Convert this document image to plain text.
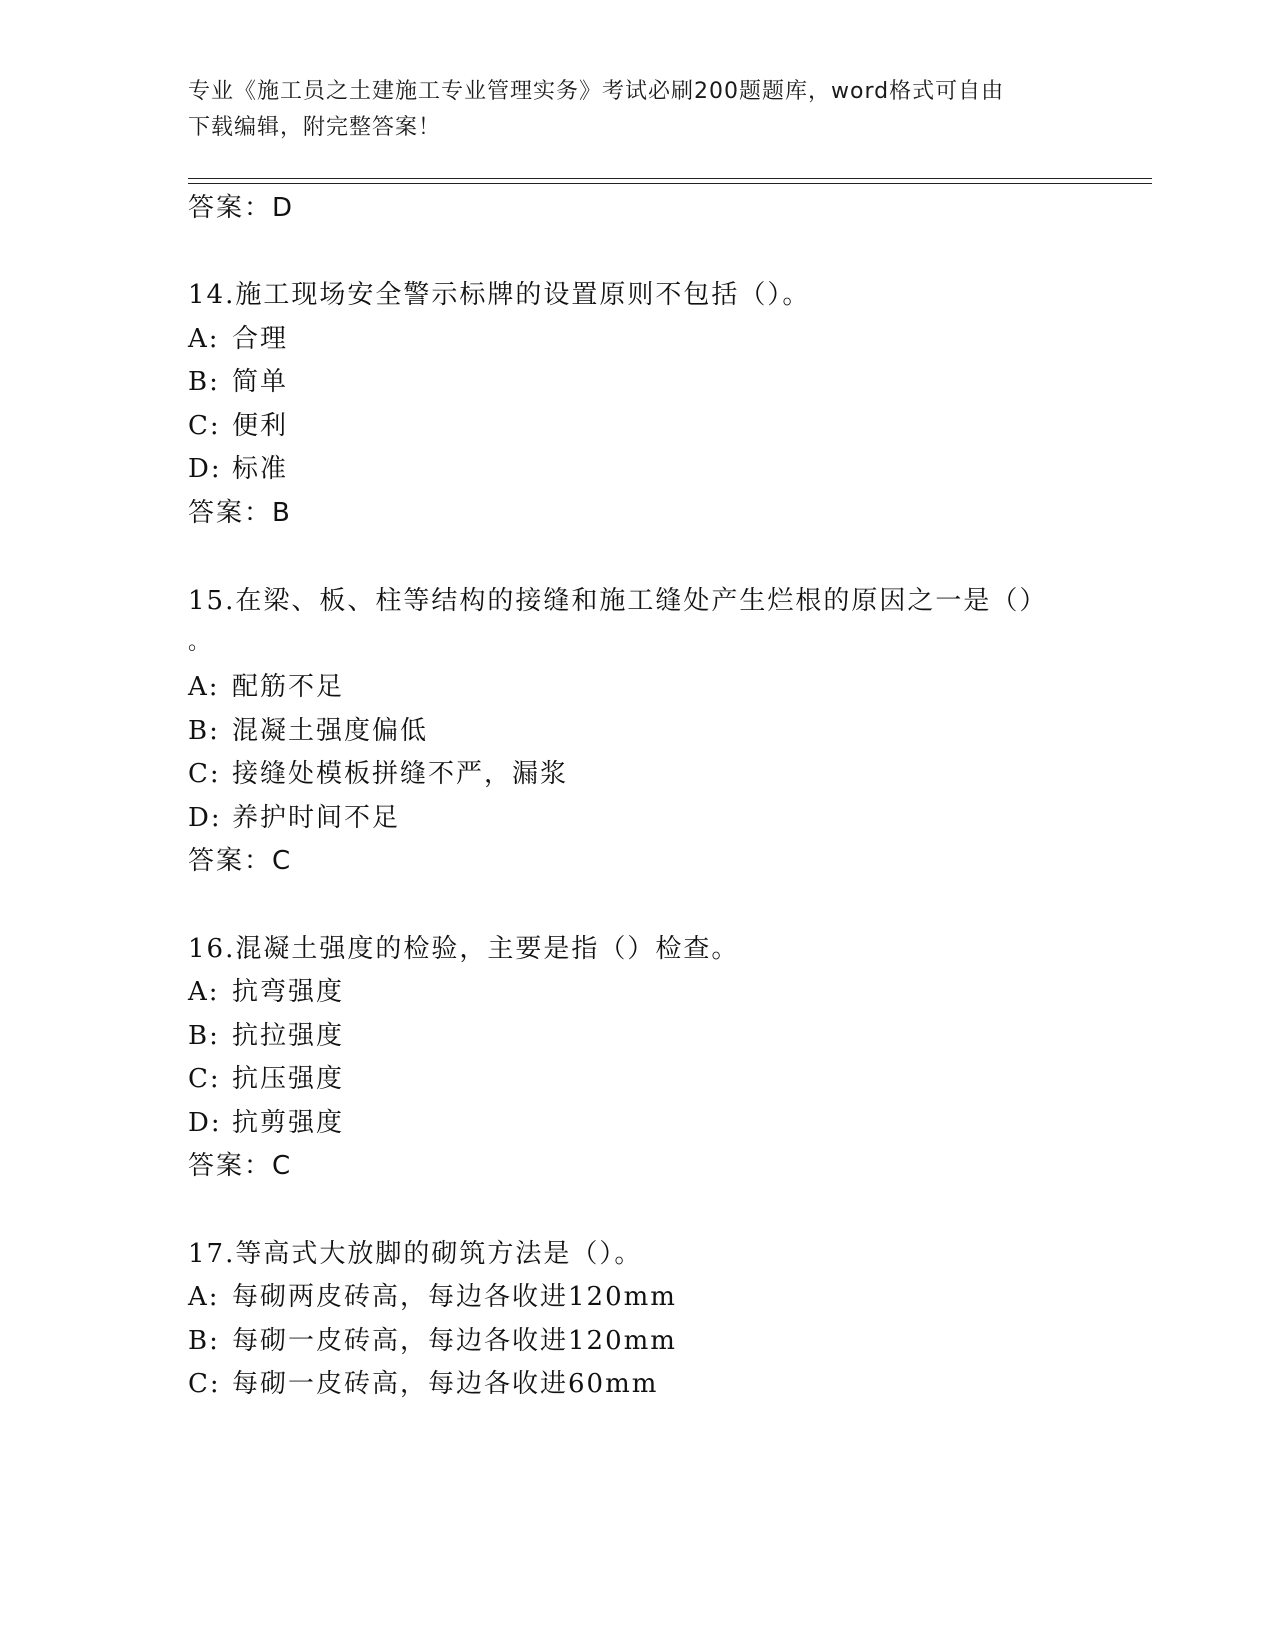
专业《施工员之土建施工专业管理实务》考试必刷200题题库，word格式可自由
下载编辑，附完整答案！
答案：D
14.施工现场安全警示标牌的设置原则不包括（）。
A: 合理
B: 简单
C: 便利
D: 标准
答案：B
15.在梁、板、柱等结构的接缝和施工缝处产生烂根的原因之一是（）
。
A: 配筋不足
B: 混凝土强度偏低
C: 接缝处模板拼缝不严，漏浆
D: 养护时间不足
答案：C
16.混凝土强度的检验，主要是指（）检查。
A: 抗弯强度
B: 抗拉强度
C: 抗压强度
D: 抗剪强度
答案：C
17.等高式大放脚的砌筑方法是（）。
A: 每砌两皮砖高，每边各收进120mm
B: 每砌一皮砖高，每边各收进120mm
C: 每砌一皮砖高，每边各收进60mm
